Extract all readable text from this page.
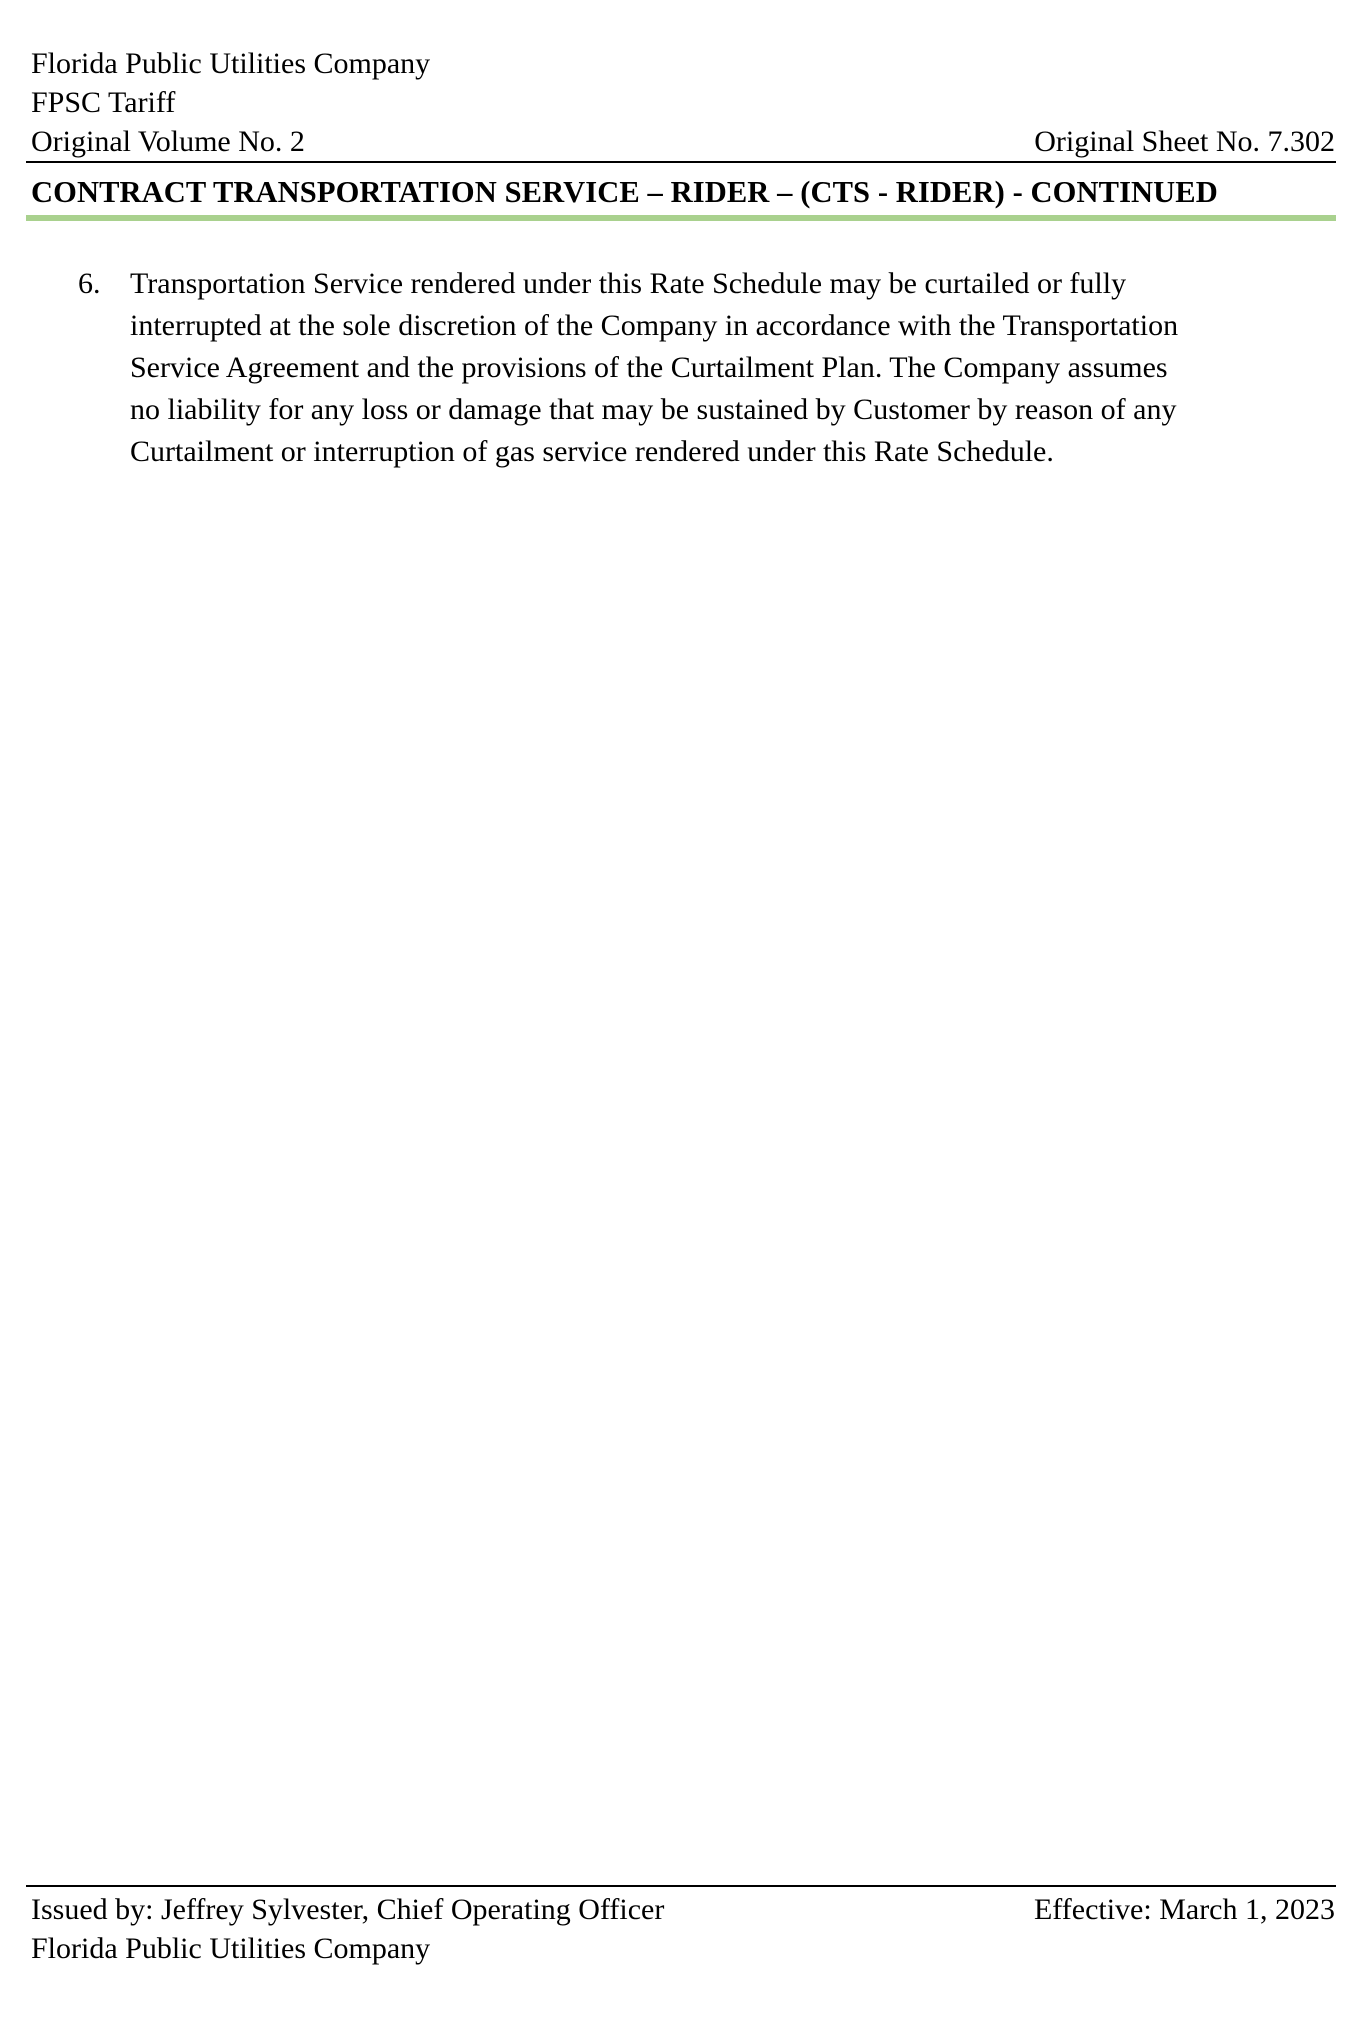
Florida Public Utilities Company
FPSC Tariff
Original Volume No. 2	Original Sheet No. 7.302
CONTRACT TRANSPORTATION SERVICE – RIDER – (CTS - RIDER) - CONTINUED
6. Transportation Service rendered under this Rate Schedule may be curtailed or fully
interrupted at the sole discretion of the Company in accordance with the Transportation
Service Agreement and the provisions of the Curtailment Plan. The Company assumes
no liability for any loss or damage that may be sustained by Customer by reason of any
Curtailment or interruption of gas service rendered under this Rate Schedule.
Issued by: Jeffrey Sylvester, Chief Operating Officer	Effective: March 1, 2023
Florida Public Utilities Company
